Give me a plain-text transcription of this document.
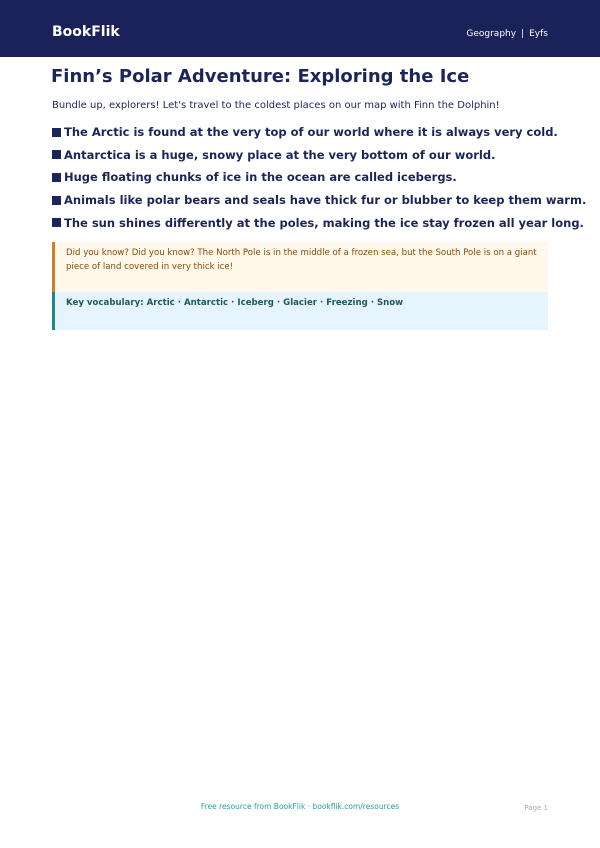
BookFlik	Geography | Eyfs
Finn’s Polar Adventure: Exploring the Ice

Bundle up, explorers! Let's travel to the coldest places on our map with Finn the Dolphin!

The Arctic is found at the very top of our world where it is always very cold.
Antarctica is a huge, snowy place at the very bottom of our world.
Huge floating chunks of ice in the ocean are called icebergs.
Animals like polar bears and seals have thick fur or blubber to keep them warm.
The sun shines differently at the poles, making the ice stay frozen all year long.
Did you know? Did you know? The North Pole is in the middle of a frozen sea, but the South Pole is on a giant piece of land covered in very thick ice!
Key vocabulary: Arctic · Antarctic · Iceberg · Glacier · Freezing · Snow
Free resource from BookFlik · bookflik.com/resources	Page 1
